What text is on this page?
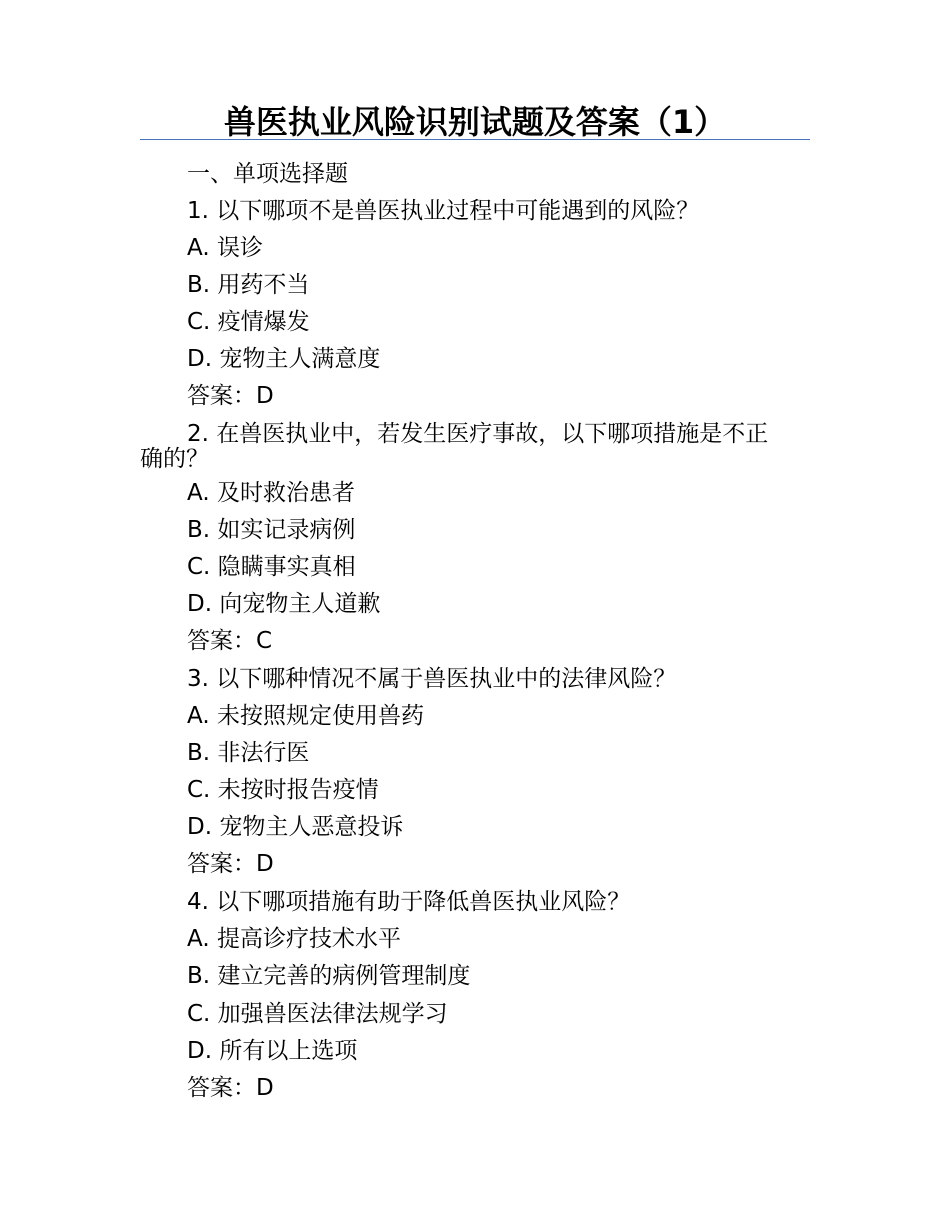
兽医执业风险识别试题及答案（1）
一、单项选择题
1. 以下哪项不是兽医执业过程中可能遇到的风险？
A. 误诊
B. 用药不当
C. 疫情爆发
D. 宠物主人满意度
答案：D
2. 在兽医执业中，若发生医疗事故，以下哪项措施是不正
确的？
A. 及时救治患者
B. 如实记录病例
C. 隐瞒事实真相
D. 向宠物主人道歉
答案：C
3. 以下哪种情况不属于兽医执业中的法律风险？
A. 未按照规定使用兽药
B. 非法行医
C. 未按时报告疫情
D. 宠物主人恶意投诉
答案：D
4. 以下哪项措施有助于降低兽医执业风险？
A. 提高诊疗技术水平
B. 建立完善的病例管理制度
C. 加强兽医法律法规学习
D. 所有以上选项
答案：D
